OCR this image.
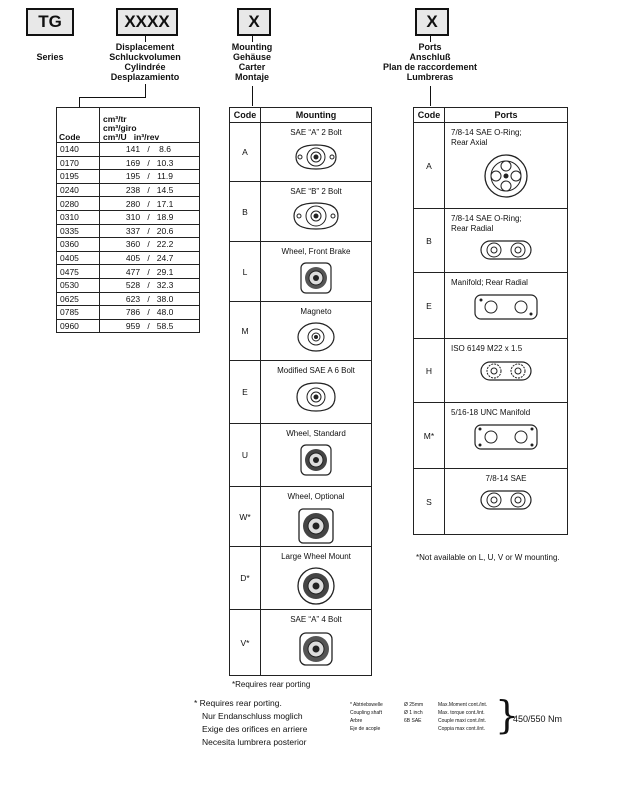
TG
Series
XXXX
Displacement
Schluckvolumen
Cylindrée
Desplazamiento
X
Mounting
Gehäuse
Carter
Montaje
X
Ports
Anschluß
Plan de raccordement
Lumbreras
Code	cm³/tr
cm³/giro
cm³/U in³/rev

0140	141 / 8.6
0170	169 / 10.3
0195	195 / 11.9
0240	238 / 14.5
0280	280 / 17.1
0310	310 / 18.9
0335	337 / 20.6
0360	360 / 22.2
0405	405 / 24.7
0475	477 / 29.1
0530	528 / 32.3
0625	623 / 38.0
0785	786 / 48.0
0960	959 / 58.5
Code	Mounting
A	SAE “A” 2 Bolt

B	SAE “B” 2 Bolt

L	Wheel, Front Brake

M	Magneto

E	Modified SAE A 6 Bolt

U	Wheel, Standard

W*	Wheel, Optional

D*	Large Wheel Mount

V*	SAE “A” 4 Bolt
*Requires rear porting
Code	Ports
A	7/8-14 SAE O-Ring;
Rear Axial

B	7/8-14 SAE O-Ring;
Rear Radial

E	Manifold; Rear Radial

H	ISO 6149 M22 x 1.5

M*	5/16-18 UNC Manifold

S	7/8-14 SAE
*Not available on L, U, V or W mounting.
* Requires rear porting.
Nur Endanschluss moglich
Exige des orifices en arriere
Necesita lumbrera posterior
* Abtriebswelle
Coupling shaft
Arbre
Eje de acople
Ø 25mm
Ø 1 inch
6B SAE
Max.Moment cont./int.
Max. torque cont./int.
Couple maxi cont./int.
Coppia max cont./int. }
450/550 Nm
